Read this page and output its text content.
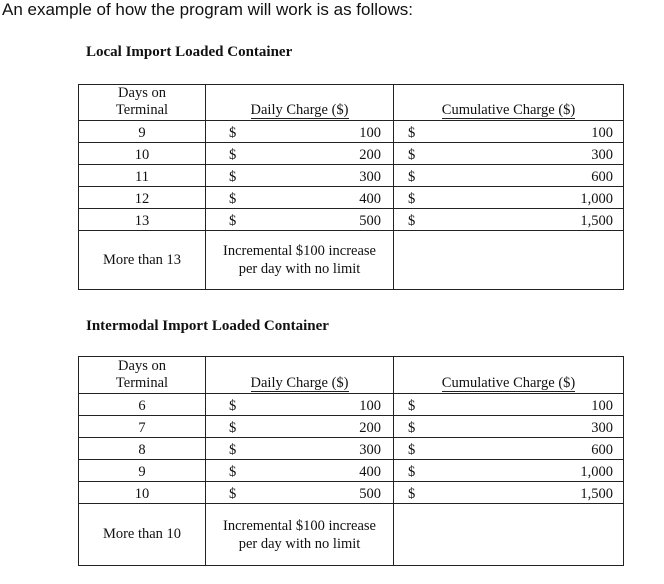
An example of how the program will work is as follows:
Local Import Loaded Container
Days on
Terminal	Daily Charge ($)		Cumulative Charge ($)	
9	$	100	$	100
10	$	200	$	300
11	$	300	$	600
12	$	400	$	1,000
13	$	500	$	1,500
More than 13	Incremental $100 increase
per day with no limit			
Intermodal Import Loaded Container
Days on
Terminal	Daily Charge ($)		Cumulative Charge ($)	
6	$	100	$	100
7	$	200	$	300
8	$	300	$	600
9	$	400	$	1,000
10	$	500	$	1,500
More than 10	Incremental $100 increase
per day with no limit			
